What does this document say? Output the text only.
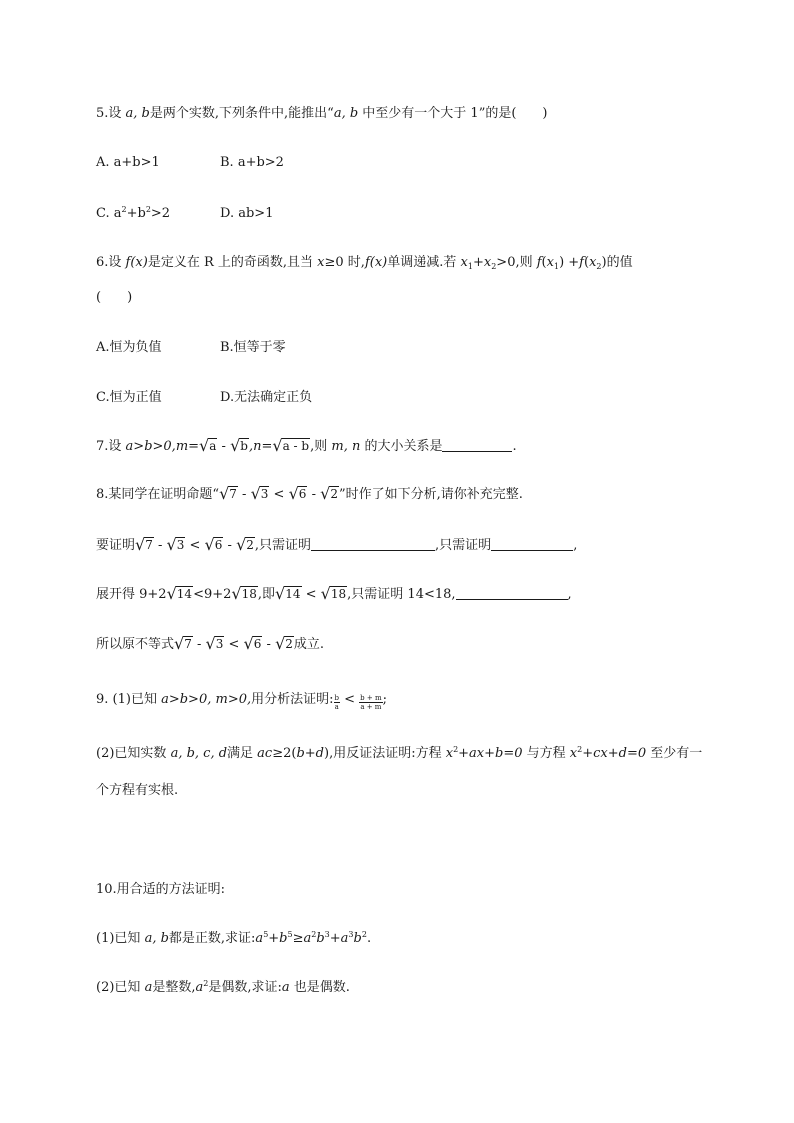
5.设 a, b是两个实数,下列条件中,能推出“a, b 中至少有一个大于 1”的是(　　)
A. a+b>1	B. a+b>2
C. $a^2+b^2>2$	D. ab>1
6.设 f(x)是定义在 R 上的奇函数,且当 x≥0 时,f(x)单调递减.若 $x_1+x_2>0$,则 $f(x_1) +f(x_2)$的值
(　　)
A.恒为负值	B.恒等于零
C.恒为正值	D.无法确定正负
7.设 a>b>0,m=√a - √b,n=√a - b,则 m, n 的大小关系是	.
8.某同学在证明命题“√7 - √3 < √6 - √2”时作了如下分析,请你补充完整.
要证明√7 - √3 < √6 - √2,只需证明	,只需证明	,
展开得 9+2√14<9+2√18,即√14 < √18,只需证明 14<18,	,
所以原不等式√7 - √3 < √6 - √2成立.
9. (1)已知 a>b>0, m>0,用分析法证明: $\frac{b}{a} < \frac{b + m}{a + m}$ ;
(2)已知实数 a, b, c, d满足 ac≥2(b+d),用反证法证明:方程 $x^2+ax+b=0$ 与方程 $x^2+cx+d=0$ 至少有一
个方程有实根.
10.用合适的方法证明:
(1)已知 a, b都是正数,求证$:a^5+b^5\ge a^2b^3+a^3b^2$.
(2)已知 a是整数$,a^2$是偶数,求证:a 也是偶数.
